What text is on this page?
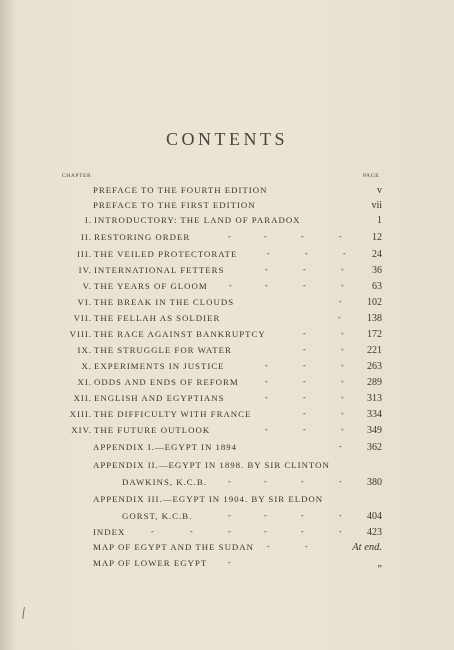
CONTENTS
CHAPTER	PAGE
PREFACE TO THE FOURTH EDITION	v
PREFACE TO THE FIRST EDITION	vii
I. INTRODUCTORY: THE LAND OF PARADOX	1
II. RESTORING ORDER	-	-	-	-	12
III. THE VEILED PROTECTORATE	-	-	-	24
IV. INTERNATIONAL FETTERS	-	-	-	36
V. THE YEARS OF GLOOM	-	-	-	-	63
VI. THE BREAK IN THE CLOUDS	- 102
VII. THE FELLAH AS SOLDIER	-	138
VIII. THE RACE AGAINST BANKRUPTCY	-	- 172
IX. THE STRUGGLE FOR WATER	-	- 221
X. EXPERIMENTS IN JUSTICE	-	-	- 263
XI. ODDS AND ENDS OF REFORM	-	-	- 289
XII. ENGLISH AND EGYPTIANS	-	-	- 313
XIII. THE DIFFICULTY WITH FRANCE	-	- 334
XIV. THE FUTURE OUTLOOK	-	-	- 349
APPENDIX I.—EGYPT IN 1894	- 362
APPENDIX II.—EGYPT IN 1898. BY SIR CLINTON
DAWKINS, K.C.B.	-	-	-	- 380
APPENDIX III.—EGYPT IN 1904. BY SIR ELDON
GORST, K.C.B.	-	-	-	- 404
INDEX	-	-	-	-	-	- 423
MAP OF EGYPT AND THE SUDAN -	-	At end.
MAP OF LOWER EGYPT	-	„
